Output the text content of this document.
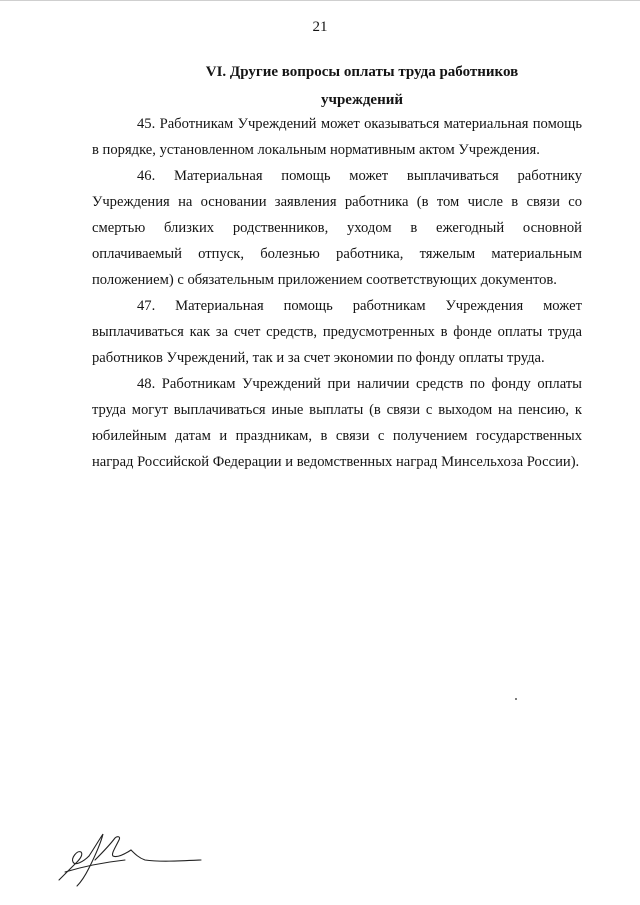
21
VI. Другие вопросы оплаты труда работников
учреждений

45. Работникам Учреждений может оказываться материальная помощь в порядке, установленном локальным нормативным актом Учреждения.

46. Материальная помощь может выплачиваться работнику Учреждения на основании заявления работника (в том числе в связи со смертью близких родственников, уходом в ежегодный основной оплачиваемый отпуск, болезнью работника, тяжелым материальным положением) с обязательным приложением соответствующих документов.

47. Материальная помощь работникам Учреждения может выплачиваться как за счет средств, предусмотренных в фонде оплаты труда работников Учреждений, так и за счет экономии по фонду оплаты труда.

48. Работникам Учреждений при наличии средств по фонду оплаты труда могут выплачиваться иные выплаты (в связи с выходом на пенсию, к юбилейным датам и праздникам, в связи с получением государственных наград Российской Федерации и ведомственных наград Минсельхоза России).
